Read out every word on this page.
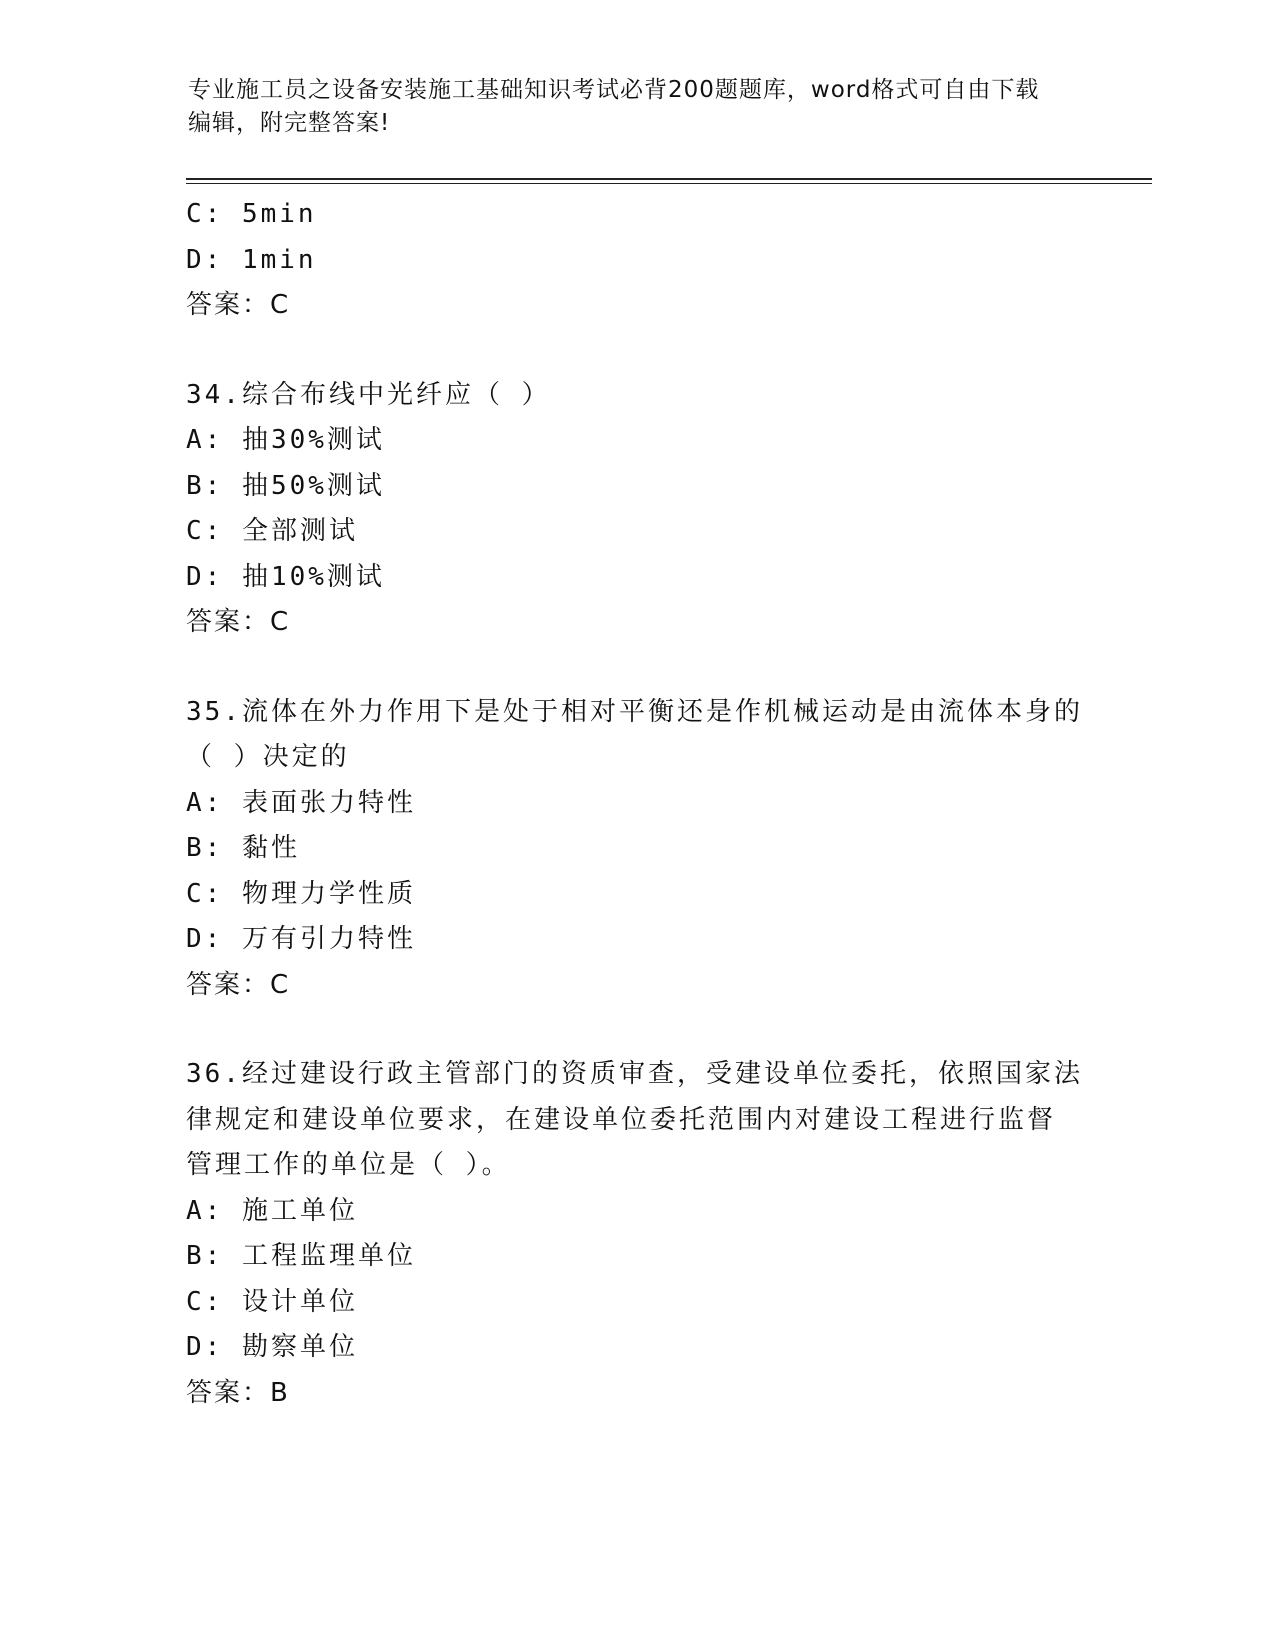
专业施工员之设备安装施工基础知识考试必背200题题库，word格式可自由下载
编辑，附完整答案!
C: 5min
D: 1min
答案：C
34.综合布线中光纤应（ ）
A: 抽30%测试
B: 抽50%测试
C: 全部测试
D: 抽10%测试
答案：C
35.流体在外力作用下是处于相对平衡还是作机械运动是由流体本身的
（ ）决定的
A: 表面张力特性
B: 黏性
C: 物理力学性质
D: 万有引力特性
答案：C
36.经过建设行政主管部门的资质审查，受建设单位委托，依照国家法
律规定和建设单位要求，在建设单位委托范围内对建设工程进行监督
管理工作的单位是（ ）。
A: 施工单位
B: 工程监理单位
C: 设计单位
D: 勘察单位
答案：B
